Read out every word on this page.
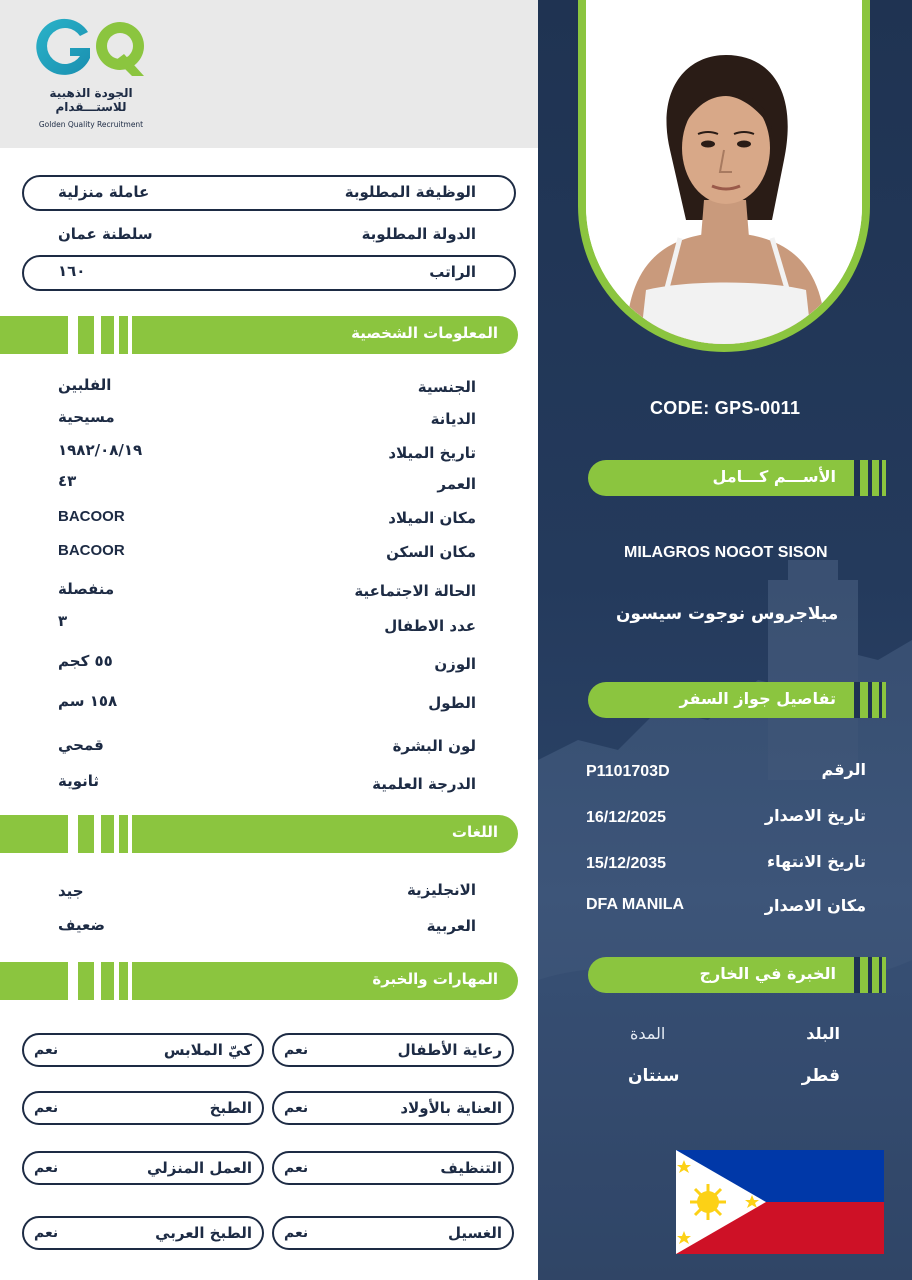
الجودة الذهبية للاستـــقدام
Golden Quality Recruitment
الوظيفة المطلوبة
عاملة منزلية
الدولة المطلوبة
سلطنة عمان
الراتب
١٦٠
المعلومات الشخصية
الجنسية
الفلبين
الديانة
مسيحية
تاريخ الميلاد
١٩٨٢/٠٨/١٩
العمر
٤٣
مكان الميلاد
BACOOR
مكان السكن
BACOOR
الحالة الاجتماعية
منفصلة
عدد الاطفال
٣
الوزن
٥٥ كجم
الطول
١٥٨ سم
لون البشرة
قمحي
الدرجة العلمية
ثانوية
اللغات
الانجليزية
جيد
العربية
ضعيف
المهارات والخبرة
رعاية الأطفال
نعم
كيّ الملابس
نعم
العناية بالأولاد
نعم
الطبخ
نعم
التنظيف
نعم
العمل المنزلي
نعم
الغسيل
نعم
الطبخ العربي
نعم
CODE: GPS-0011
الأســـم كـــامل
MILAGROS NOGOT SISON
ميلاجروس نوجوت سيسون
تفاصيل جواز السفر
الرقم
P1101703D
تاريخ الاصدار
16/12/2025
تاريخ الانتهاء
15/12/2035
مكان الاصدار
DFA MANILA
الخبرة في الخارج
البلد
المدة
قطر
سنتان
